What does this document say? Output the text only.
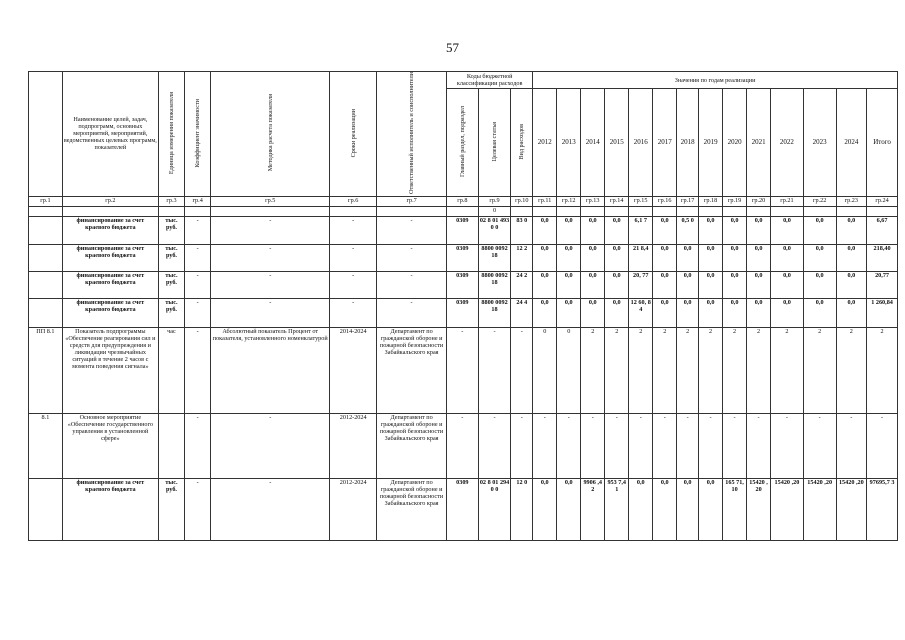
57
	Наименование целей, задач, подпрограмм, основных мероприятий, мероприятий, ведомственных целевых программ, показателей	Единица измерения показателя	Коэффициент значимости	Методика расчета показателя	Сроки реализации	Ответственный исполнитель и соисполнители	Коды бюджетной классификации расходов			Значения по годам реализации													
							Главный раздел, подраздел	Целевая статья	Вид расходов	2012	2013	2014	2015	2016	2017	2018	2019	2020	2021	2022	2023	2024	Итого
гр.1	гр.2	гр.3	гр.4	гр.5	гр.6	гр.7	гр.8	гр.9	гр.10	гр.11	гр.12	гр.13	гр.14	гр.15	гр.16	гр.17	гр.18	гр.19	гр.20	гр.21	гр.22	гр.23	гр.24
								0															
	финансирование за счет краевого бюджета	тыс. руб.	-	-	-	-	0309	02 8 01 4930 0	83 0	0,0	0,0	0,0	0,0	6,1 7	0,0	0,5 0	0,0	0,0	0,0	0,0	0,0	0,0	6,67
	финансирование за счет краевого бюджета	тыс. руб.	-	-	-	-	0309	8800 0092 18	12 2	0,0	0,0	0,0	0,0	21 8,4	0,0	0,0	0,0	0,0	0,0	0,0	0,0	0,0	218,40
	финансирование за счет краевого бюджета	тыс. руб.	-	-	-	-	0309	8800 0092 18	24 2	0,0	0,0	0,0	0,0	20, 77	0,0	0,0	0,0	0,0	0,0	0,0	0,0	0,0	20,77
	финансирование за счет краевого бюджета	тыс. руб.	-	-	-	-	0309	8800 0092 18	24 4	0,0	0,0	0,0	0,0	12 60, 84	0,0	0,0	0,0	0,0	0,0	0,0	0,0	0,0	1 260,84
ПП 8.1	Показатель подпрограммы «Обеспечение реагирования сил и средств для предупреждения и ликвидации чрезвычайных ситуаций в течение 2 часов с момента поведения сигнала»	час	-	Абсолютный показатель Процент от показателя, установленного номенклатурой	2014-2024	Департамент по гражданской обороне и пожарной безопасности Забайкальского края	-	-	-	0	0	2	2	2	2	2	2	2	2	2	2	2	2
8.1	Основное мероприятие «Обеспечение государственного управления в установленной сфере»		-	-	2012-2024	Департамент по гражданской обороне и пожарной безопасности Забайкальского края	-	-	-	-	-	-	-	-	-	-	-	-	-	-	-	-	-
	финансирование за счет краевого бюджета	тыс. руб.	-	-	2012-2024	Департамент по гражданской обороне и пожарной безопасности Забайкальского края	0309	02 8 01 2940 0	12 0	0,0	0,0	9906 ,42	953 7,41	0,0	0,0	0,0	0,0	165 71, 10	15420 ,20	15420 ,20	15420 ,20	15420 ,20	97695,7 3
